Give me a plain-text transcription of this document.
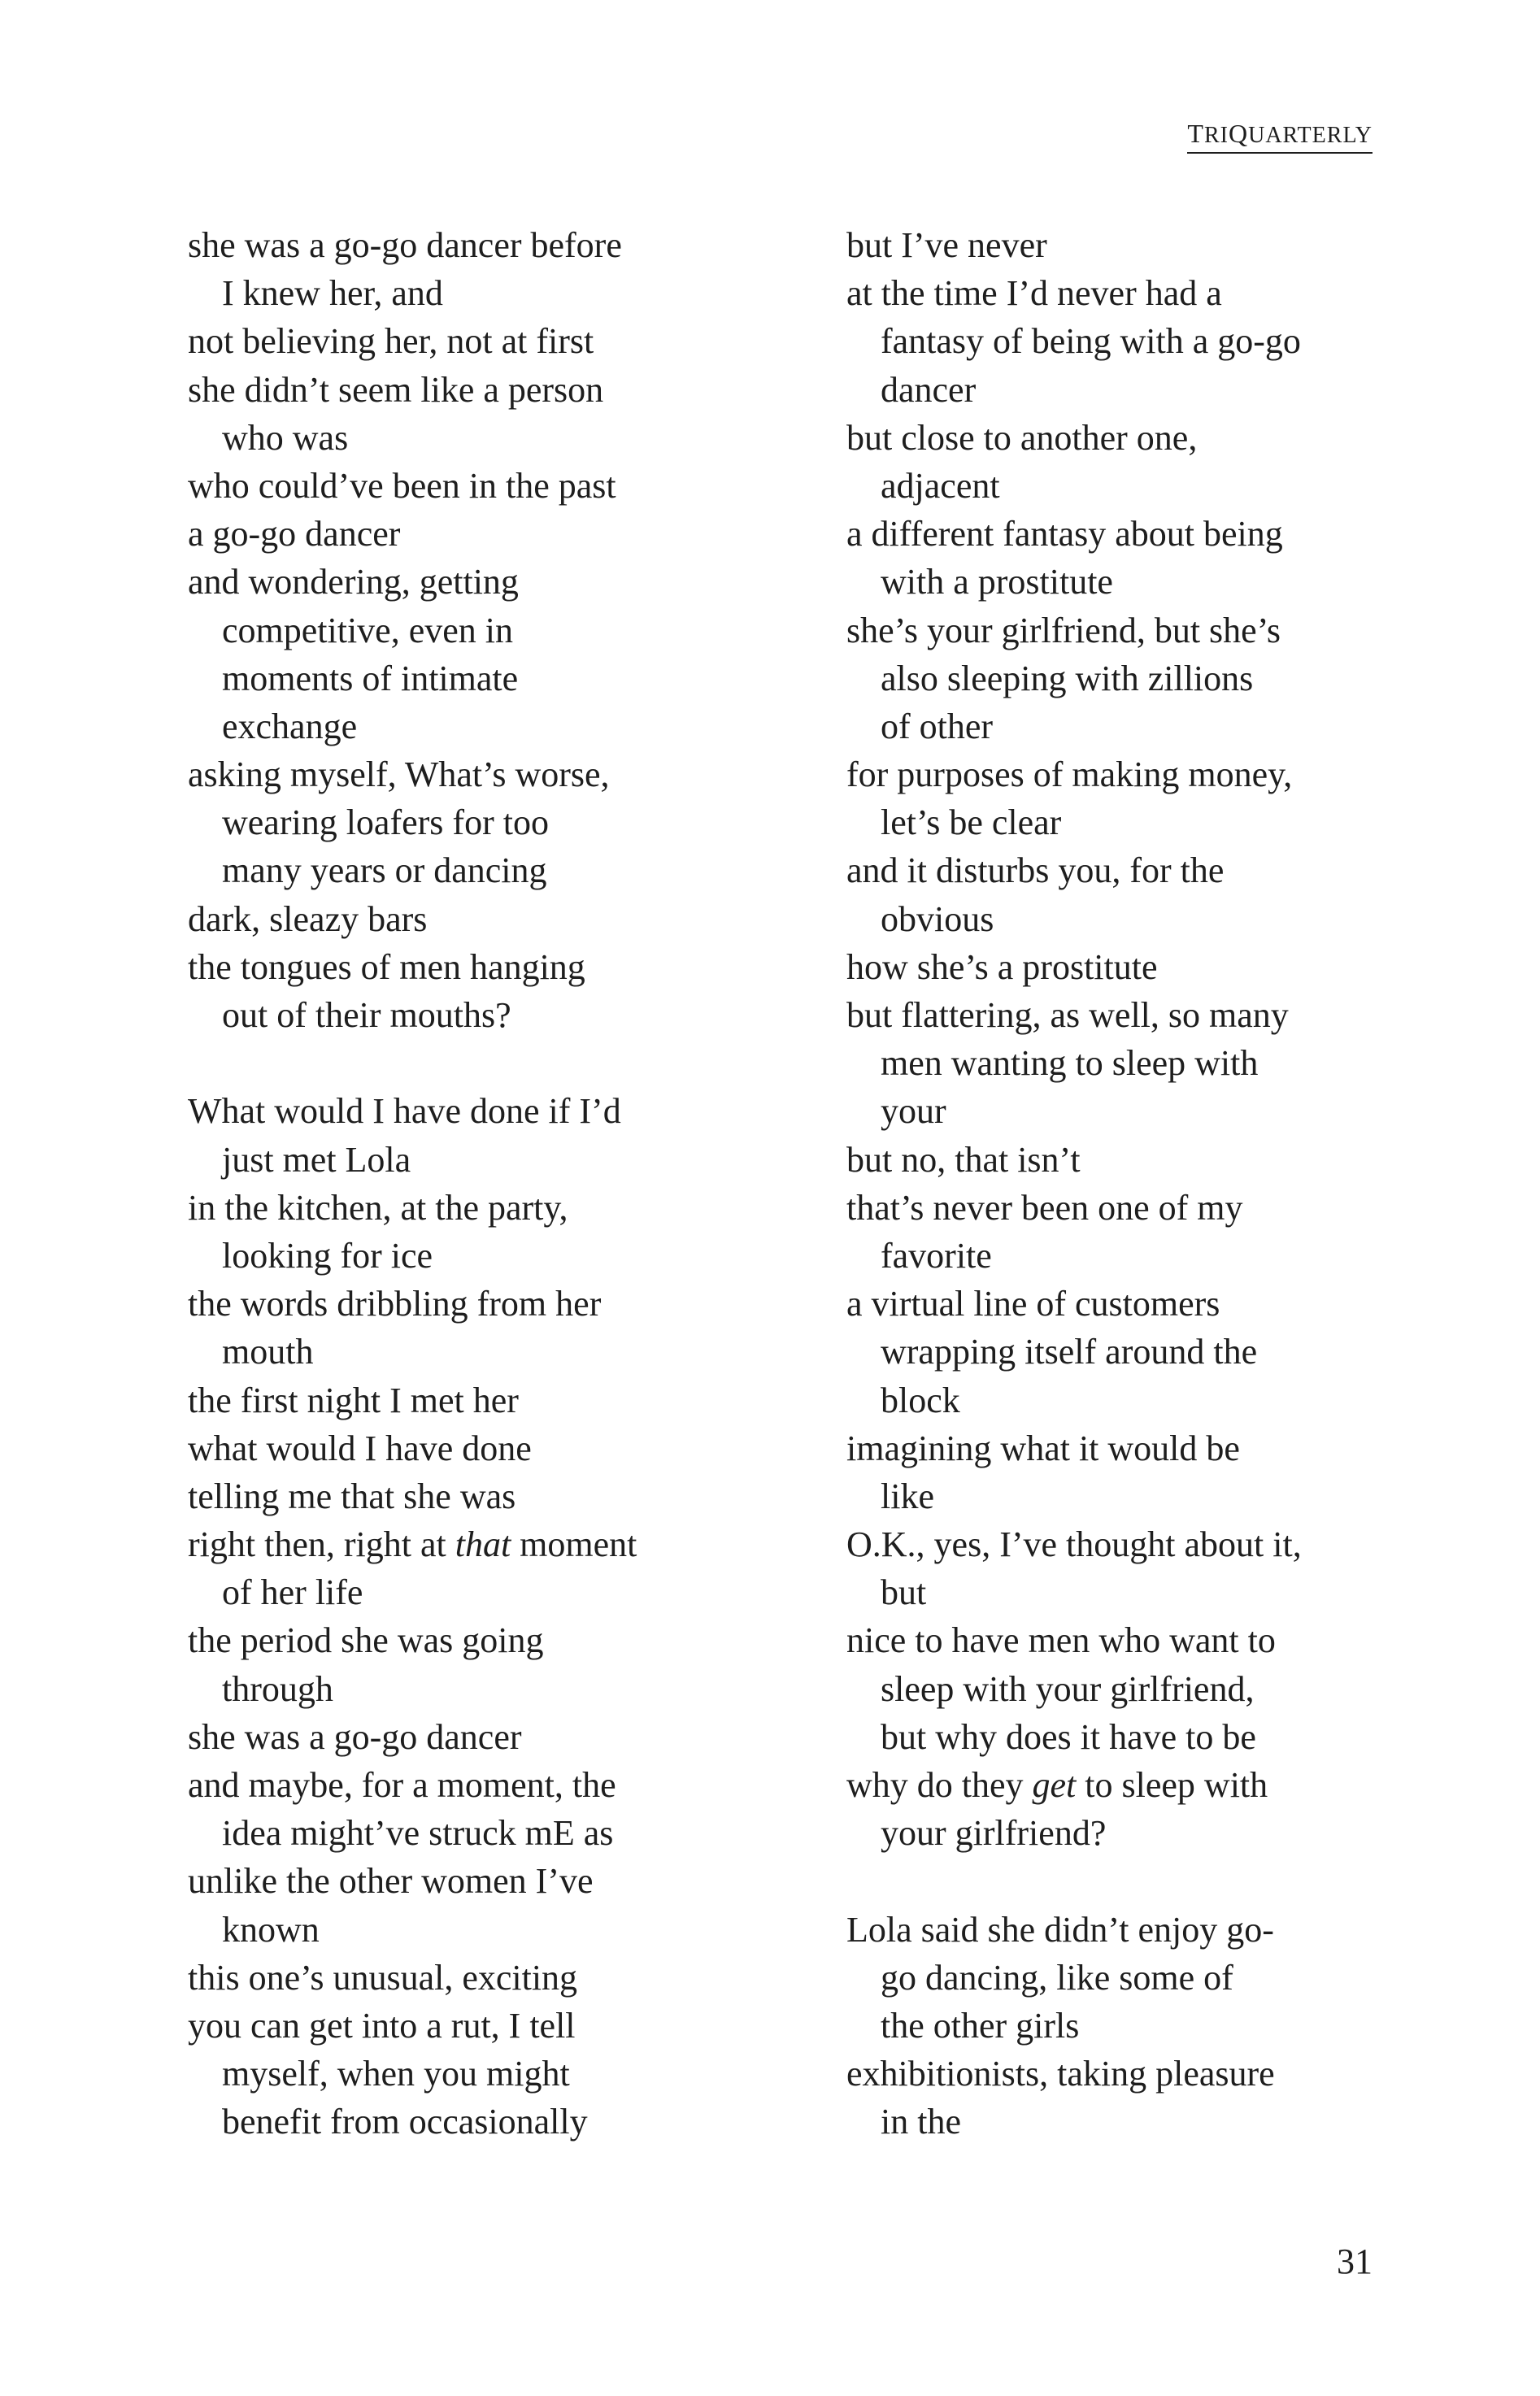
TRIQUARTERLY
she was a go-go dancer before
I knew her, and
not believing her, not at first
she didn’t seem like a person
who was
who could’ve been in the past
a go-go dancer
and wondering, getting
competitive, even in
moments of intimate
exchange
asking myself, What’s worse,
wearing loafers for too
many years or dancing
dark, sleazy bars
the tongues of men hanging
out of their mouths?
What would I have done if I’d
just met Lola
in the kitchen, at the party,
looking for ice
the words dribbling from her
mouth
the first night I met her
what would I have done
telling me that she was
right then, right at that moment
of her life
the period she was going
through
she was a go-go dancer
and maybe, for a moment, the
idea might’ve struck mE as
unlike the other women I’ve
known
this one’s unusual, exciting
you can get into a rut, I tell
myself, when you might
benefit from occasionally
but I’ve never
at the time I’d never had a
fantasy of being with a go-go
dancer
but close to another one,
adjacent
a different fantasy about being
with a prostitute
she’s your girlfriend, but she’s
also sleeping with zillions
of other
for purposes of making money,
let’s be clear
and it disturbs you, for the
obvious
how she’s a prostitute
but flattering, as well, so many
men wanting to sleep with
your
but no, that isn’t
that’s never been one of my
favorite
a virtual line of customers
wrapping itself around the
block
imagining what it would be
like
O.K., yes, I’ve thought about it,
but
nice to have men who want to
sleep with your girlfriend,
but why does it have to be
why do they get to sleep with
your girlfriend?
Lola said she didn’t enjoy go-
go dancing, like some of
the other girls
exhibitionists, taking pleasure
in the
31
